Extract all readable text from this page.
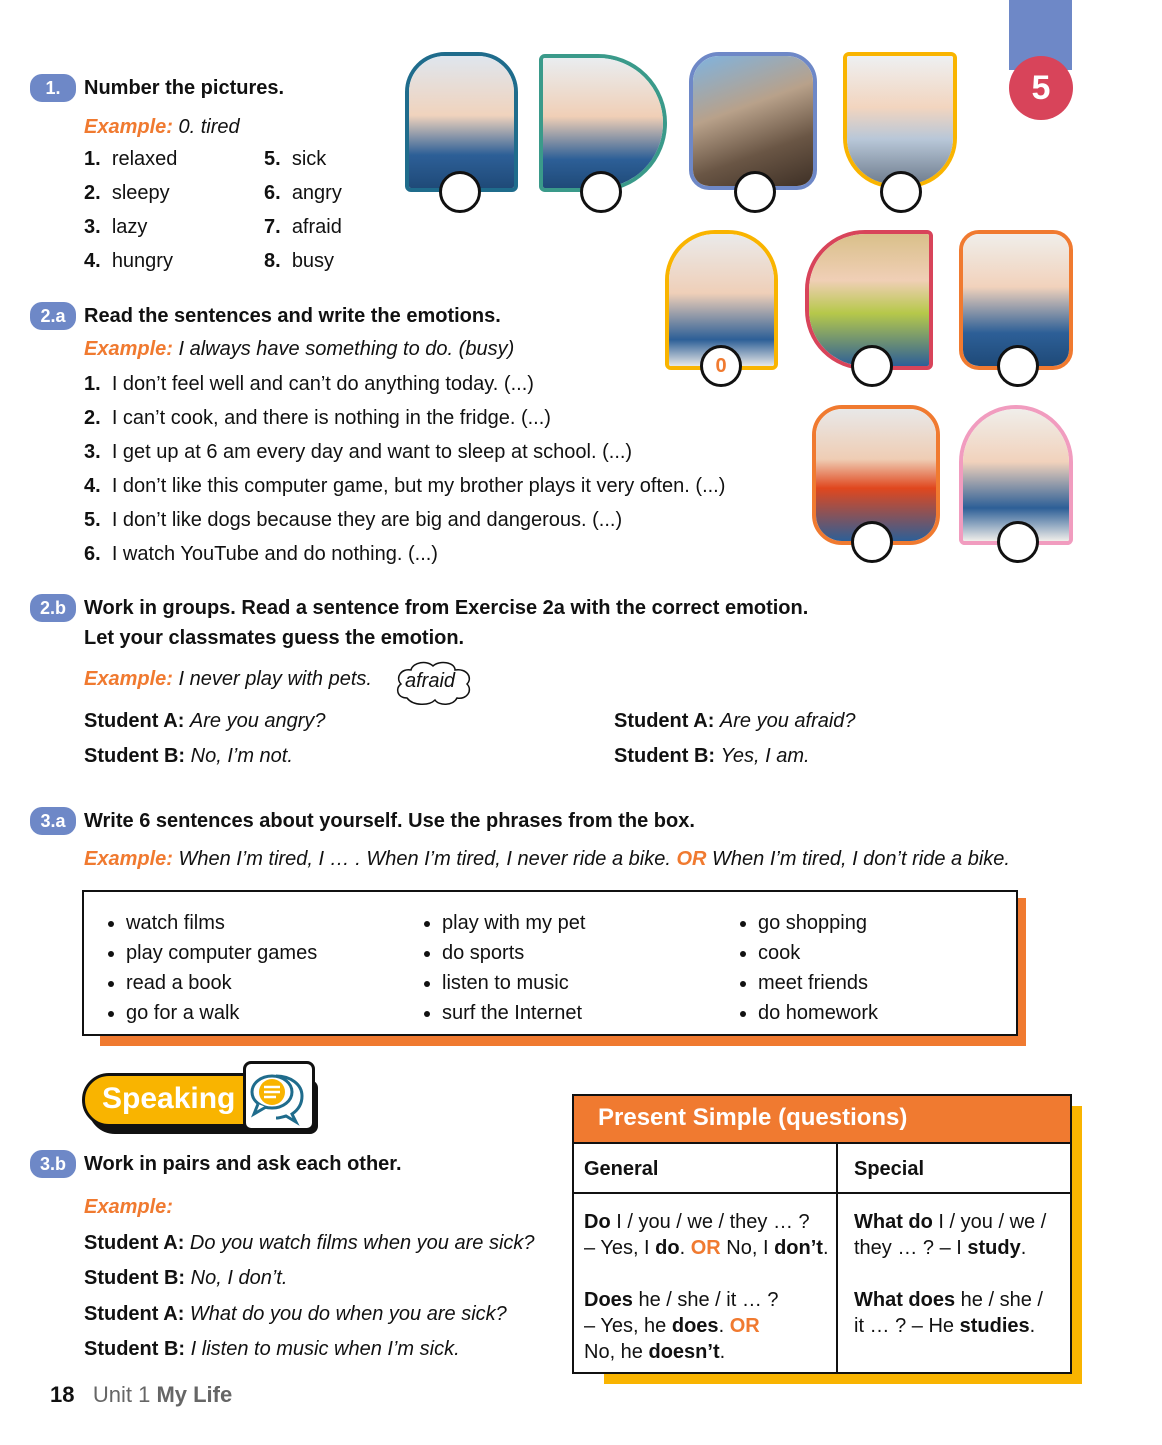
5
1.	Number the pictures.
Example: 0. tired
1. relaxed
2. sleepy
3. lazy
4. hungry
5. sick
6. angry
7. afraid
8. busy
0
2.a Read the sentences and write the emotions.
Example: I always have something to do. (busy)
1. I don’t feel well and can’t do anything today. (...)
2. I can’t cook, and there is nothing in the fridge. (...)
3. I get up at 6 am every day and want to sleep at school. (...)
4. I don’t like this computer game, but my brother plays it very often. (...)
5. I don’t like dogs because they are big and dangerous. (...)
6. I watch YouTube and do nothing. (...)
2.b Work in groups. Read a sentence from Exercise 2a with the correct emotion.
Let your classmates guess the emotion.
Example: I never play with pets. afraid
Student A: Are you angry?
Student B: No, I’m not.
Student A: Are you afraid?
Student B: Yes, I am.
3.a Write 6 sentences about yourself. Use the phrases from the box.
Example: When I’m tired, I … . When I’m tired, I never ride a bike. OR When I’m tired, I don’t ride a bike.
• watch films
• play computer games
• read a book
• go for a walk
• play with my pet
• do sports
• listen to music
• surf the Internet
• go shopping
• cook
• meet friends
• do homework
Speaking
3.b Work in pairs and ask each other.
Example:
Student A: Do you watch films when you are sick?
Student B: No, I don’t.
Student A: What do you do when you are sick?
Student B: I listen to music when I’m sick.
Present Simple (questions)
General	Special
Do I / you / we / they … ?
– Yes, I do. OR No, I don’t.
Does he / she / it … ?
– Yes, he does. OR
No, he doesn’t.
What do I / you / we /
they … ? – I study.
What does he / she /
it … ? – He studies.
18 Unit 1 My Life
